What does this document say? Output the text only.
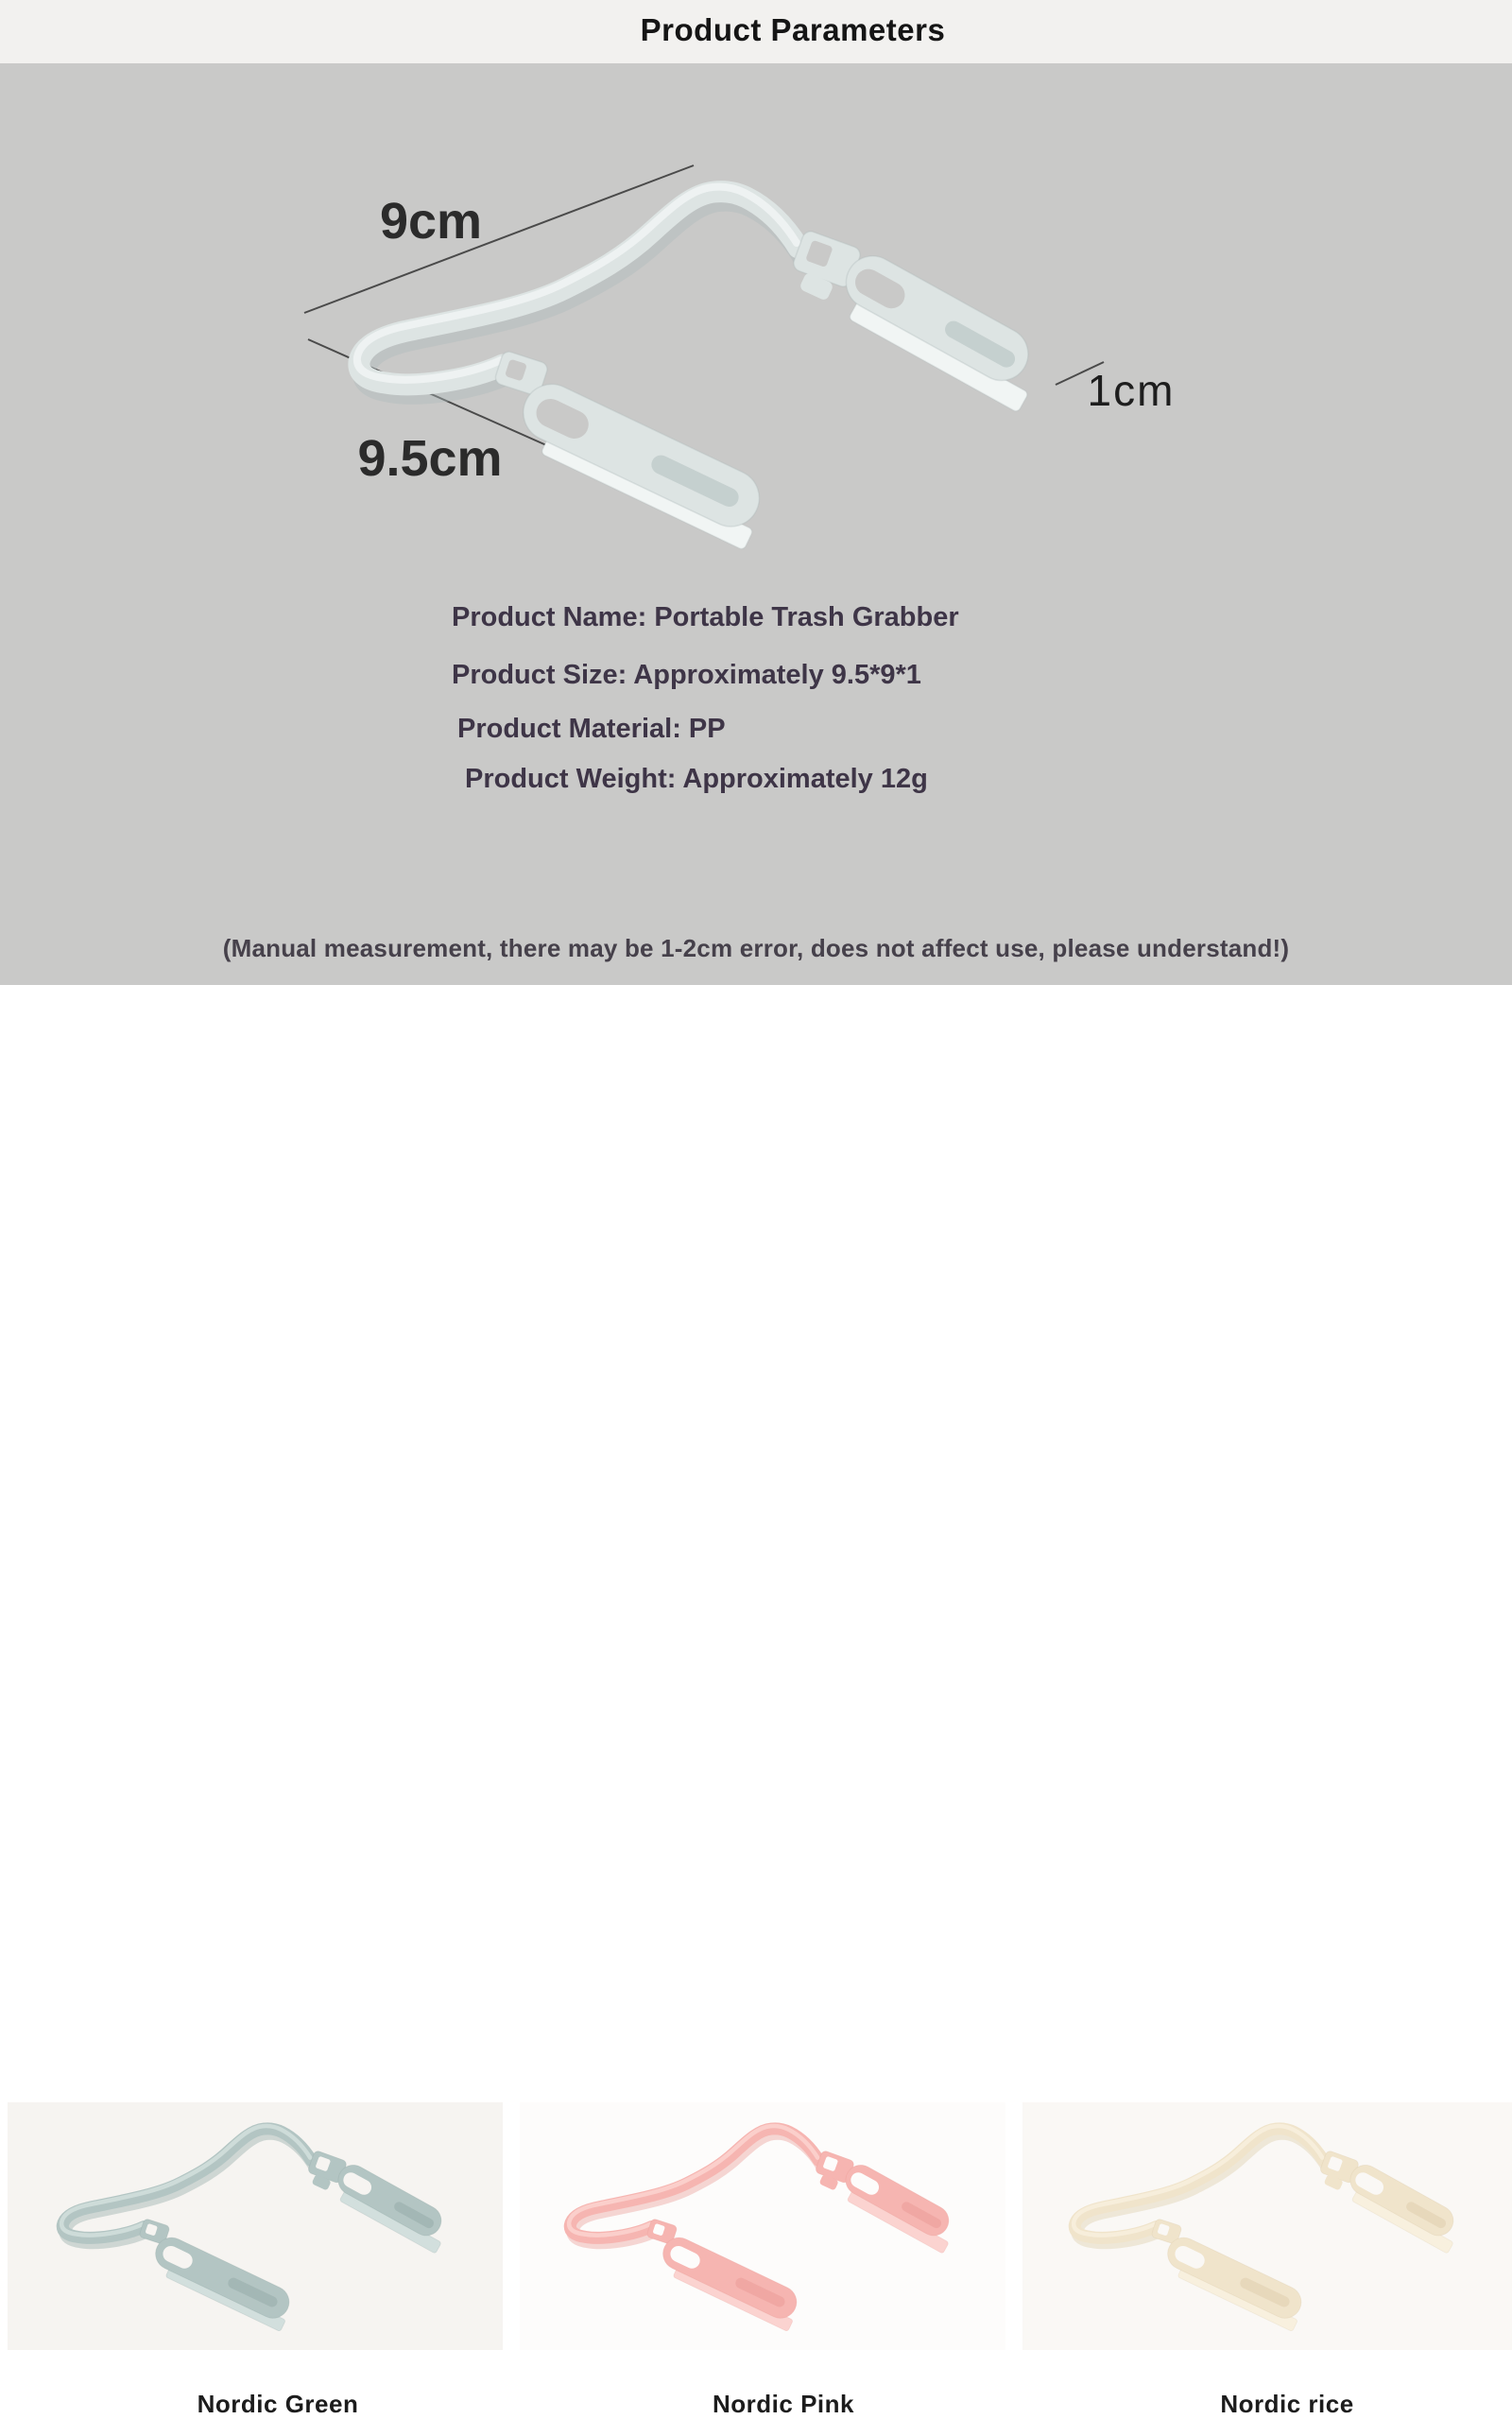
Product Parameters
9cm
9.5cm
1cm

Product Name: Portable Trash Grabber

Product Size: Approximately 9.5*9*1

Product Material: PP

Product Weight: Approximately 12g

(Manual measurement, there may be 1-2cm error, does not affect use, please understand!)
Nordic Green	Nordic Pink	Nordic rice
